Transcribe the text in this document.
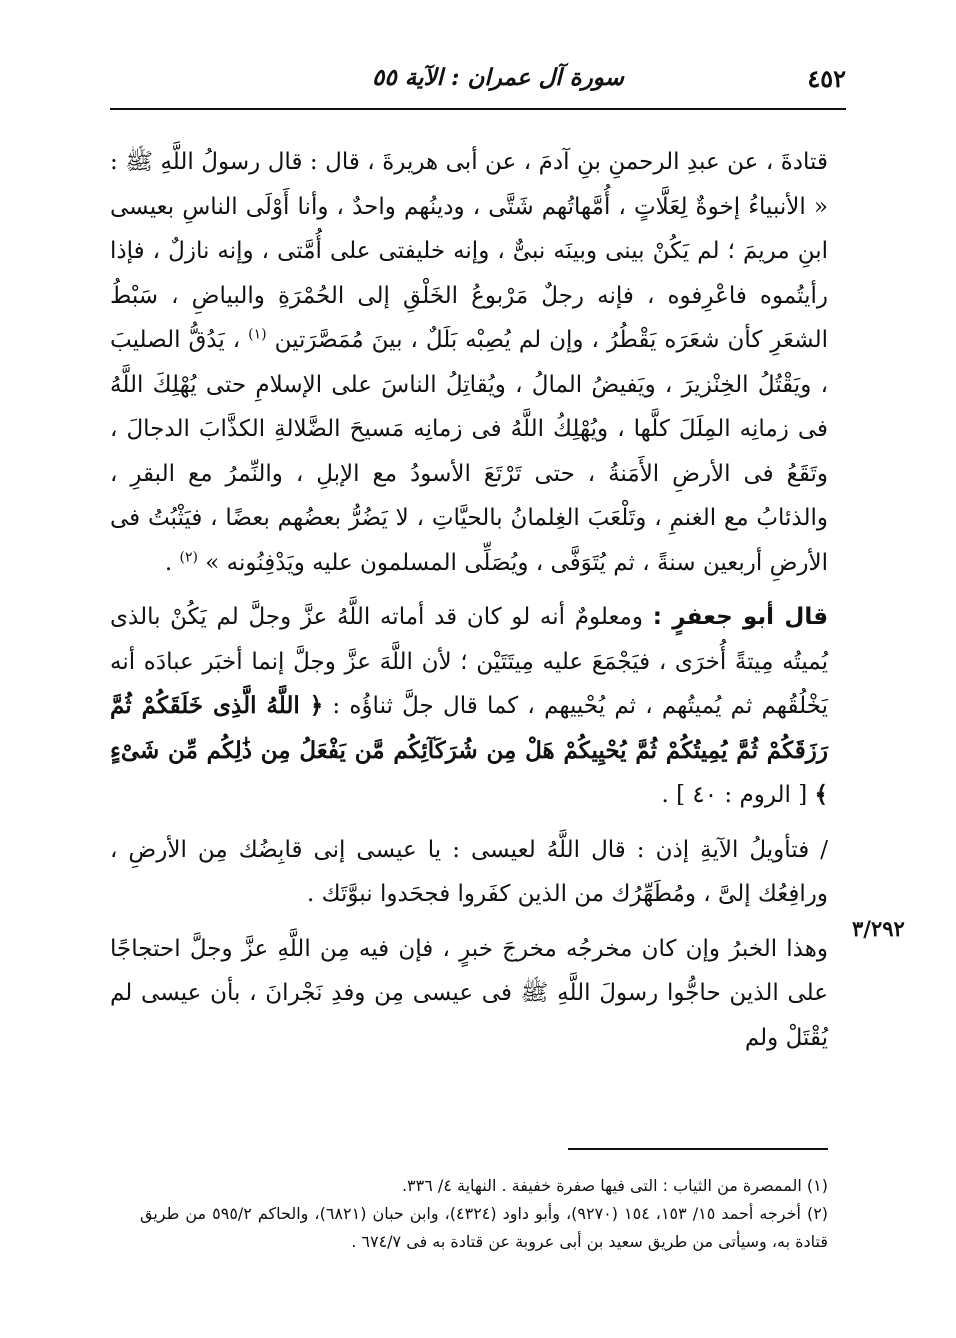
٤٥٢
سورة آل عمران : الآية ٥٥
٣/٢٩٢

قتادةَ ، عن عبدِ الرحمنِ بنِ آدمَ ، عن أبى هريرةَ ، قال : قال رسولُ اللَّهِ ﷺ : « الأنبياءُ إخوةٌ لِعَلَّاتٍ ، أُمَّهاتُهم شَتَّى ، ودينُهم واحدٌ ، وأنا أَوْلَى الناسِ بعيسى ابنِ مريمَ ؛ لم يَكُنْ بينى وبينَه نبىٌّ ، وإنه خليفتى على أُمَّتى ، وإنه نازلٌ ، فإذا رأيتُموه فاعْرِفوه ، فإنه رجلٌ مَرْبوعُ الخَلْقِ إلى الحُمْرَةِ والبياضِ ، سَبْطُ الشعَرِ كأن شعَرَه يَقْطُرُ ، وإن لم يُصِبْه بَلَلٌ ، بينَ مُمَصَّرَتين $^{(١)}$ ، يَدُقُّ الصليبَ ، ويَقْتُلُ الخِنْزيرَ ، ويَفيضُ المالُ ، ويُقاتِلُ الناسَ على الإسلامِ حتى يُهْلِكَ اللَّهُ فى زمانِه المِلَلَ كلَّها ، ويُهْلِكُ اللَّهُ فى زمانِه مَسيحَ الضَّلالةِ الكذَّابَ الدجالَ ، وتَقَعُ فى الأرضِ الأَمَنةُ ، حتى تَرْتَعَ الأسودُ مع الإبلِ ، والنِّمرُ مع البقرِ ، والذئابُ مع الغنمِ ، وتَلْعَبَ الغِلمانُ بالحيَّاتِ ، لا يَضُرُّ بعضُهم بعضًا ، فيَثْبُتُ فى الأرضِ أربعين سنةً ، ثم يُتَوَفَّى ، ويُصَلِّى المسلمون عليه ويَدْفِنُونه » $^{(٢)}$ .

قال أبو جعفرٍ : ومعلومٌ أنه لو كان قد أماته اللَّهُ عزَّ وجلَّ لم يَكُنْ بالذى يُميتُه مِيتةً أُخرَى ، فيَجْمَعَ عليه مِيتَتَيْن ؛ لأن اللَّهَ عزَّ وجلَّ إنما أخبَر عبادَه أنه يَخْلُقُهم ثم يُميتُهم ، ثم يُحْييهم ، كما قال جلَّ ثناؤُه : ﴿ اللَّهُ الَّذِى خَلَقَكُمْ ثُمَّ رَزَقَكُمْ ثُمَّ يُمِيتُكُمْ ثُمَّ يُحْيِيكُمْ هَلْ مِن شُرَكَآئِكُم مَّن يَفْعَلُ مِن ذَٰلِكُم مِّن شَىْءٍ ﴾ [ الروم : ٤٠ ] .

/ فتأويلُ الآيةِ إذن : قال اللَّهُ لعيسى : يا عيسى إنى قابِضُك مِن الأرضِ ، ورافِعُك إلىَّ ، ومُطَهِّرُك من الذين كفَروا فجحَدوا نبوَّتَك .

وهذا الخبرُ وإن كان مخرجُه مخرجَ خبرٍ ، فإن فيه مِن اللَّهِ عزَّ وجلَّ احتجاجًا على الذين حاجُّوا رسولَ اللَّهِ ﷺ فى عيسى مِن وفدِ نَجْرانَ ، بأن عيسى لم يُقْتَلْ ولم

(١) الممصرة من الثياب : التى فيها صفرة خفيفة . النهاية ٤/ ٣٣٦.

(٢) أخرجه أحمد ١٥/ ١٥٣، ١٥٤ (٩٢٧٠)، وأبو داود (٤٣٢٤)، وابن حبان (٦٨٢١)، والحاكم ٥٩٥/٢ من طريق قتادة به، وسيأتى من طريق سعيد بن أبى عروبة عن قتادة به فى ٦٧٤/٧ .
